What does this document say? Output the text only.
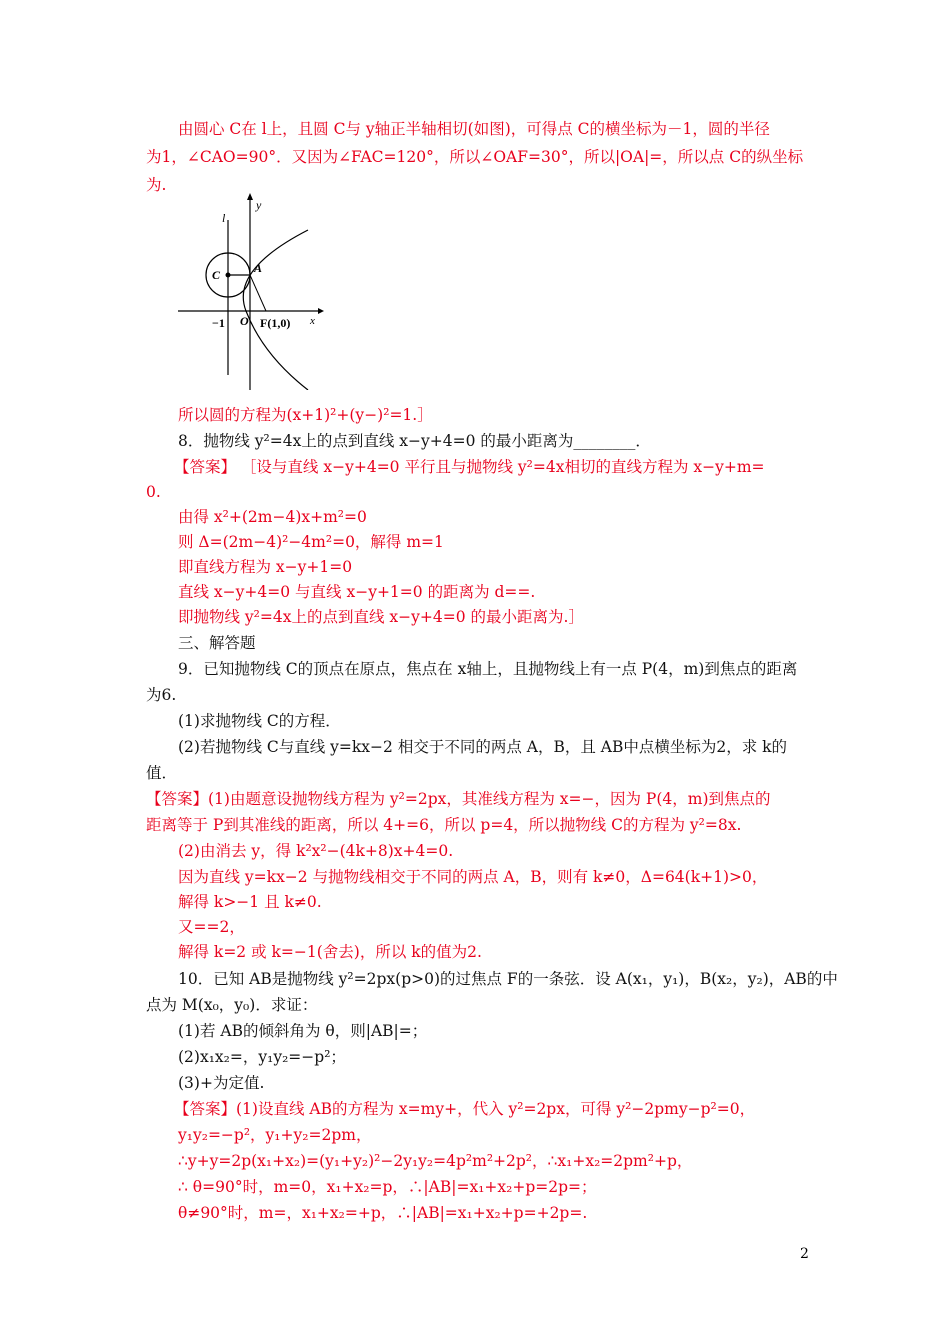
由圆心 C在 l上，且圆 C与 y轴正半轴相切(如图)，可得点 C的横坐标为－1，圆的半径
为1，∠CAO=90°．又因为∠FAC=120°，所以∠OAF=30°，所以|OA|=，所以点 C的纵坐标
为.
l
y
x
C	A
O
−1	F(1,0)
所以圆的方程为(x+1)²+(y−)²=1.］
8．抛物线 y²=4x上的点到直线 x−y+4=0 的最小距离为________．
【答案】 ［设与直线 x−y+4=0 平行且与抛物线 y²=4x相切的直线方程为 x−y+m=
0.
由得 x²+(2m−4)x+m²=0
则 Δ=(2m−4)²−4m²=0，解得 m=1
即直线方程为 x−y+1=0
直线 x−y+4=0 与直线 x−y+1=0 的距离为 d==.
即抛物线 y²=4x上的点到直线 x−y+4=0 的最小距离为.］
三、解答题
9．已知抛物线 C的顶点在原点，焦点在 x轴上，且抛物线上有一点 P(4，m)到焦点的距离
为6.
(1)求抛物线 C的方程．
(2)若抛物线 C与直线 y=kx−2 相交于不同的两点 A，B，且 AB中点横坐标为2，求 k的
值．
【答案】(1)由题意设抛物线方程为 y²=2px，其准线方程为 x=−，因为 P(4，m)到焦点的
距离等于 P到其准线的距离，所以 4+=6，所以 p=4，所以抛物线 C的方程为 y²=8x.
(2)由消去 y，得 k²x²−(4k+8)x+4=0.
因为直线 y=kx−2 与抛物线相交于不同的两点 A，B，则有 k≠0，Δ=64(k+1)>0，
解得 k>−1 且 k≠0.
又==2，
解得 k=2 或 k=−1(舍去)，所以 k的值为2.
10．已知 AB是抛物线 y²=2px(p>0)的过焦点 F的一条弦．设 A(x₁，y₁)，B(x₂，y₂)，AB的中
点为 M(x₀，y₀)．求证：
(1)若 AB的倾斜角为 θ，则|AB|=；
(2)x₁x₂=，y₁y₂=−p²；
(3)+为定值.
【答案】(1)设直线 AB的方程为 x=my+，代入 y²=2px，可得 y²−2pmy−p²=0，
y₁y₂=−p²，y₁+y₂=2pm，
∴y+y=2p(x₁+x₂)=(y₁+y₂)²−2y₁y₂=4p²m²+2p²，∴x₁+x₂=2pm²+p，
∴ θ=90°时，m=0，x₁+x₂=p，∴|AB|=x₁+x₂+p=2p=；
θ≠90°时，m=，x₁+x₂=+p，∴|AB|=x₁+x₂+p=+2p=.
2
